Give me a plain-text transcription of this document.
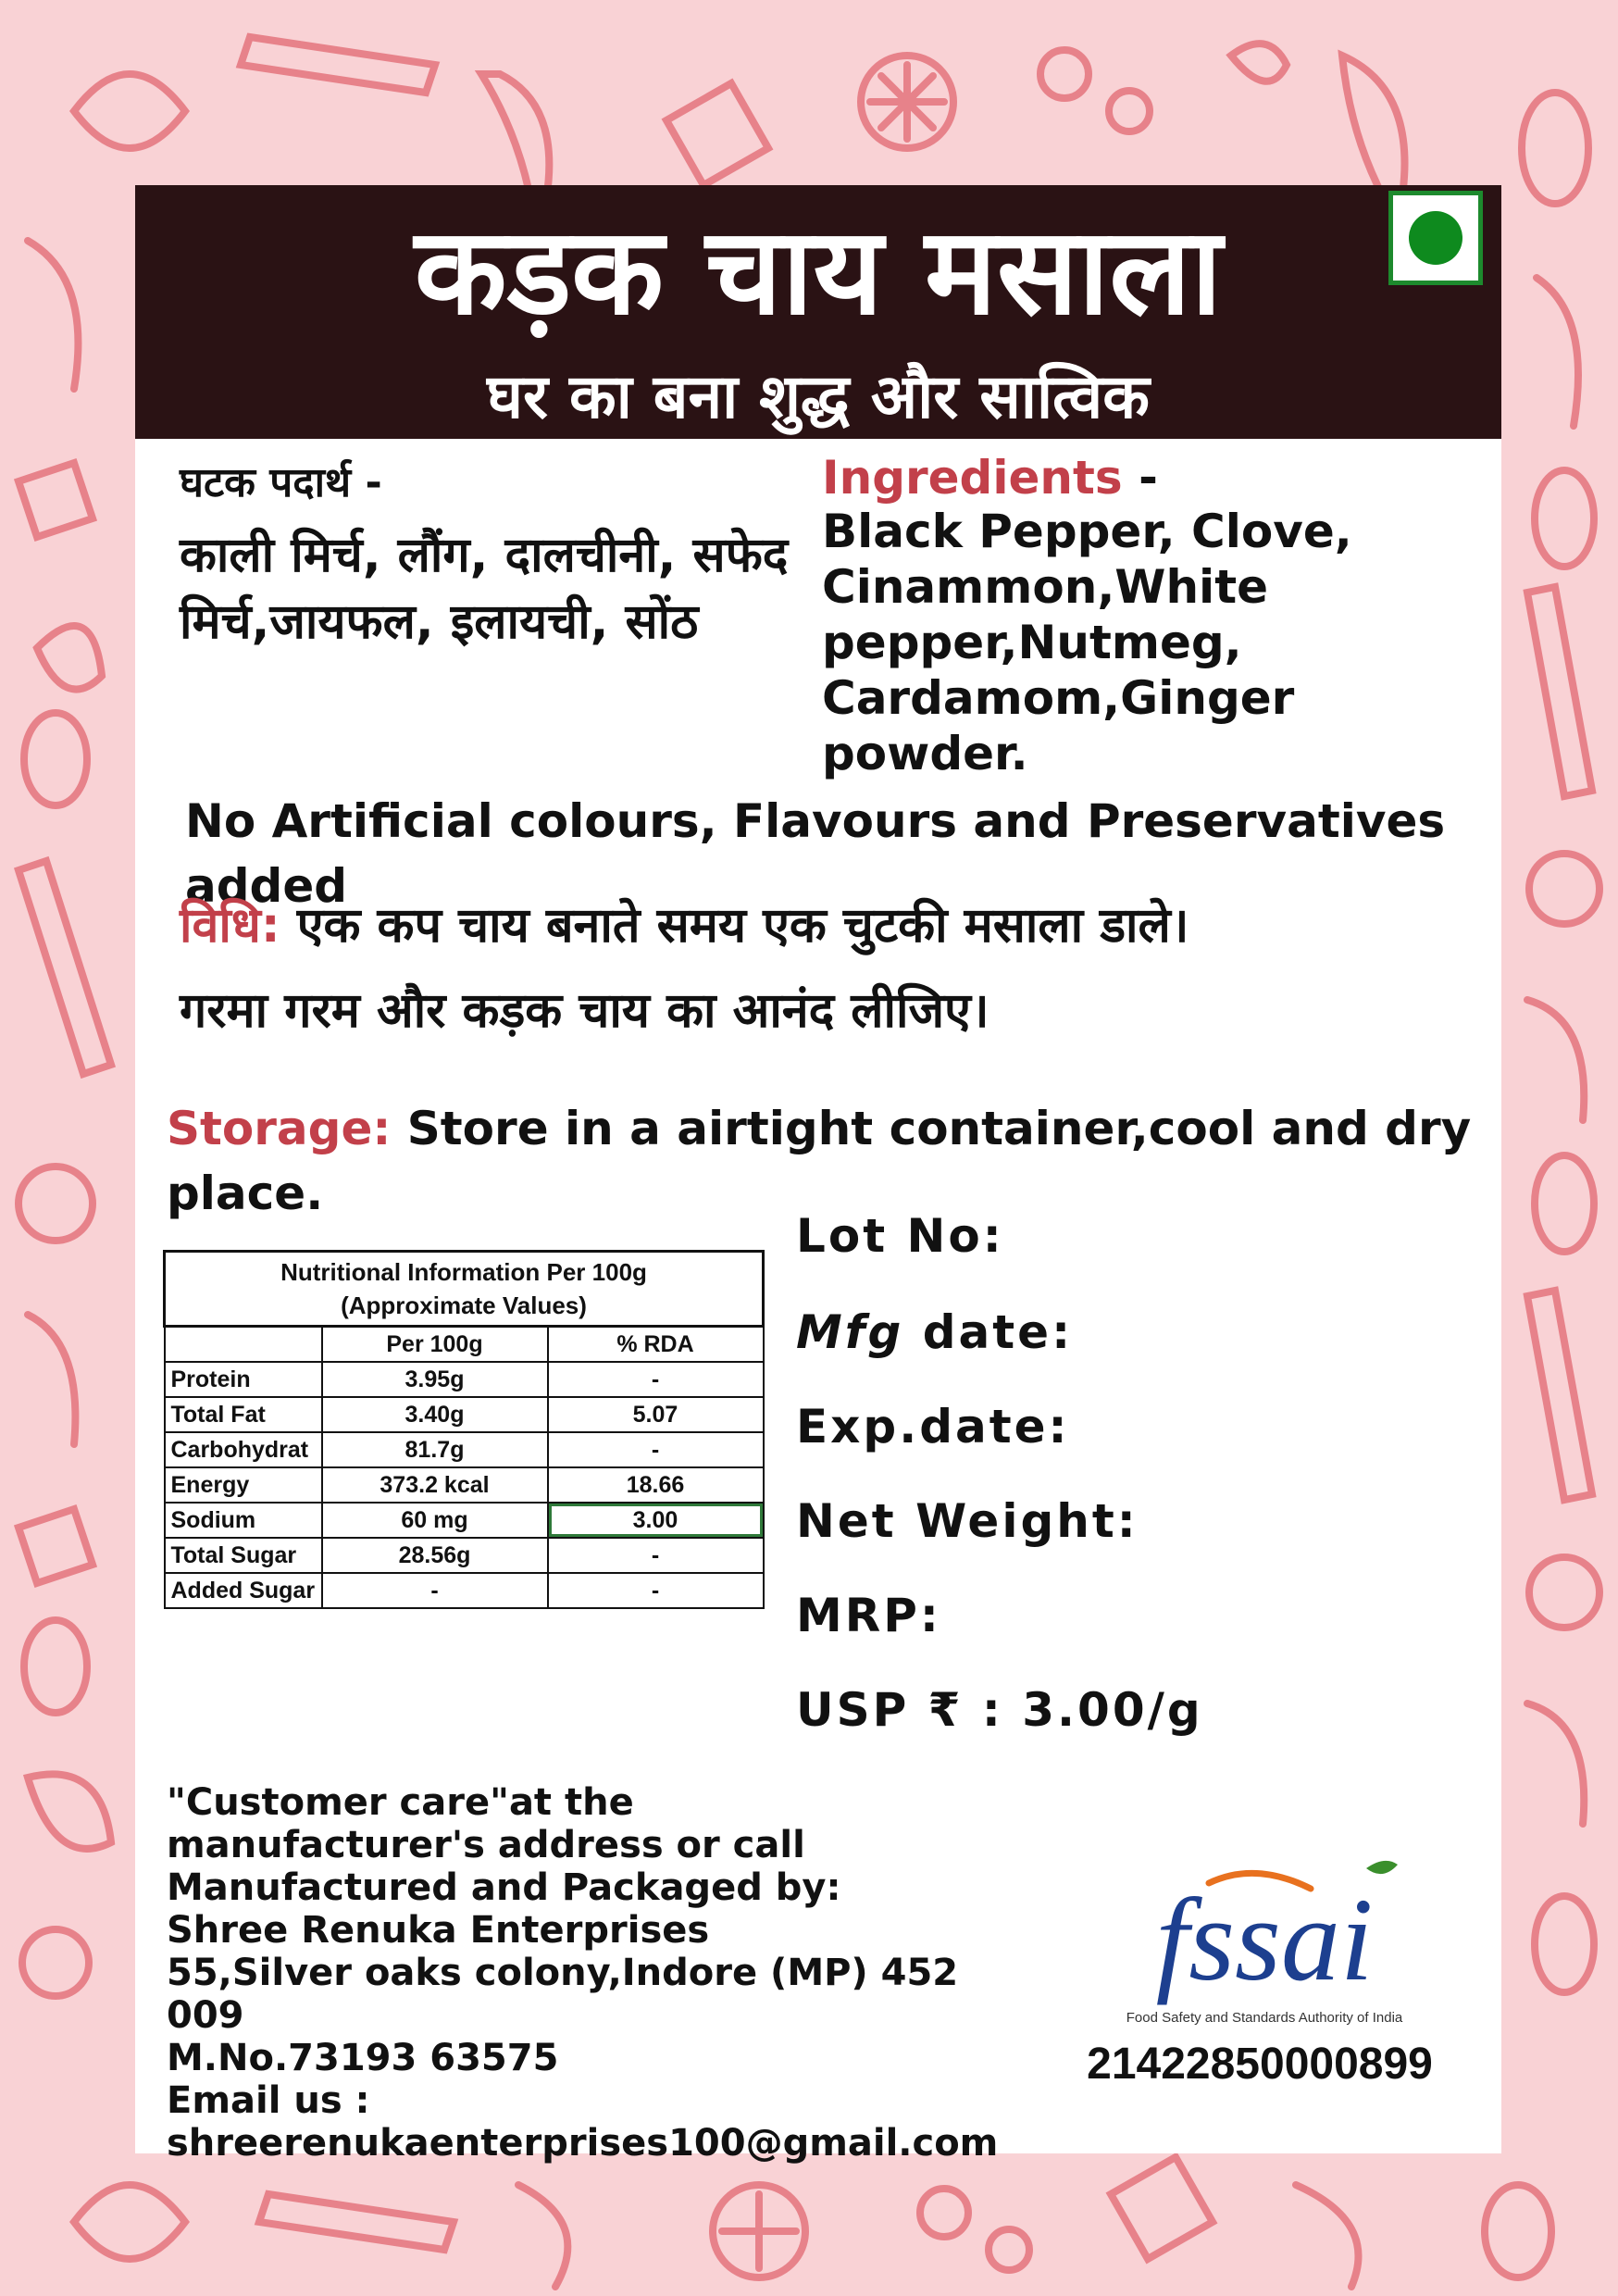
कड़क चाय मसाला
घर का बना शुद्ध और सात्विक
घटक पदार्थ -
काली मिर्च, लौंग, दालचीनी, सफेद मिर्च,जायफल, इलायची, सोंठ
Ingredients -
Black Pepper, Clove, Cinammon,White pepper,Nutmeg, Cardamom,Ginger powder.
No Artificial colours, Flavours and Preservatives added
विधि: एक कप चाय बनाते समय एक चुटकी मसाला डाले।
गरमा गरम और कड़क चाय का आनंद लीजिए।
Storage: Store in a airtight container,cool and dry place.
Nutritional Information Per 100g
(Approximate Values)		
	Per 100g	% RDA
Protein	3.95g	-
Total Fat	3.40g	5.07
Carbohydrat	81.7g	-
Energy	373.2 kcal	18.66
Sodium	60 mg	3.00
Total Sugar	28.56g	-
Added Sugar	-	-
Lot No:
Mfg date:
Exp.date:
Net Weight:
MRP:
USP ₹ : 3.00/g
"Customer care"at the
manufacturer's address or call
Manufactured and Packaged by:
Shree Renuka Enterprises
55,Silver oaks colony,Indore (MP) 452 009
M.No.73193 63575
Email us :
shreerenukaenterprises100@gmail.com
fssai
Food Safety and Standards Authority of India
21422850000899
